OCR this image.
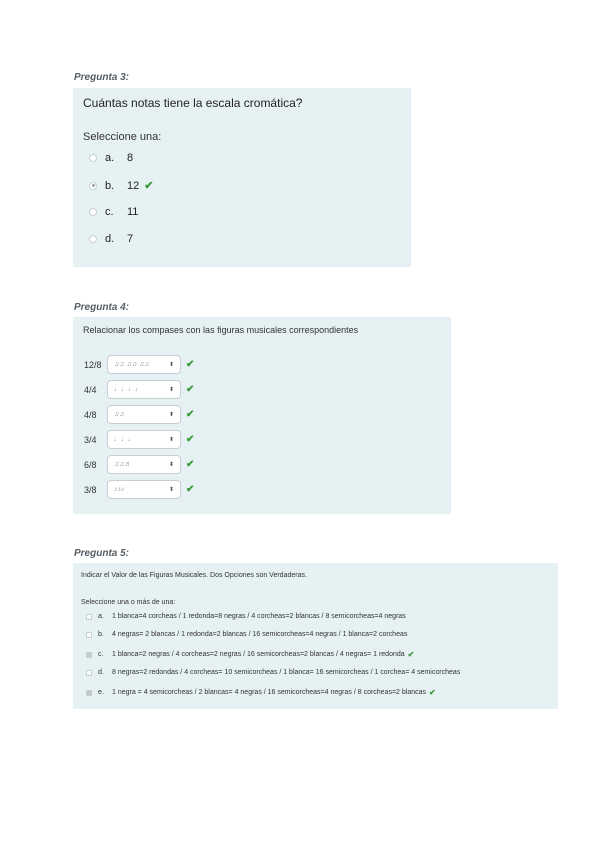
Pregunta 3:
Cuántas notas tiene la escala cromática?
Seleccione una:
a.	8
b.	12 ✔
c.	11
d.	7
Pregunta 4:
Relacionar los compases con las figuras musicales correspondientes
12/8	♫♫ ♫♫ ♫♫	⬍ ✔
4/4	♩♩♩♩	⬍ ✔
4/8	♫♫	⬍ ✔
3/4	♩♩♩	⬍ ✔
6/8	♫♫♬	⬍ ✔
3/8	♪♪♪	⬍ ✔
Pregunta 5:
Indicar el Valor de las Figuras Musicales. Dos Opciones son Verdaderas.
Seleccione una o más de una:
a.	1 blanca=4 corcheas / 1 redonda=8 negras / 4 corcheas=2 blancas / 8 semicorcheas=4 negras
b.	4 negras= 2 blancas / 1 redonda=2 blancas / 16 semicorcheas=4 negras / 1 blanca=2 corcheas
c.	1 blanca=2 negras / 4 corcheas=2 negras / 16 semicorcheas=2 blancas / 4 negras= 1 redonda ✔
d.	8 negras=2 redondas / 4 corcheas= 10 semicorcheas / 1 blanca= 16 semicorcheas / 1 corchea= 4 semicorcheas
e.	1 negra = 4 semicorcheas / 2 blancas= 4 negras / 16 semicorcheas=4 negras / 8 corcheas=2 blancas ✔
